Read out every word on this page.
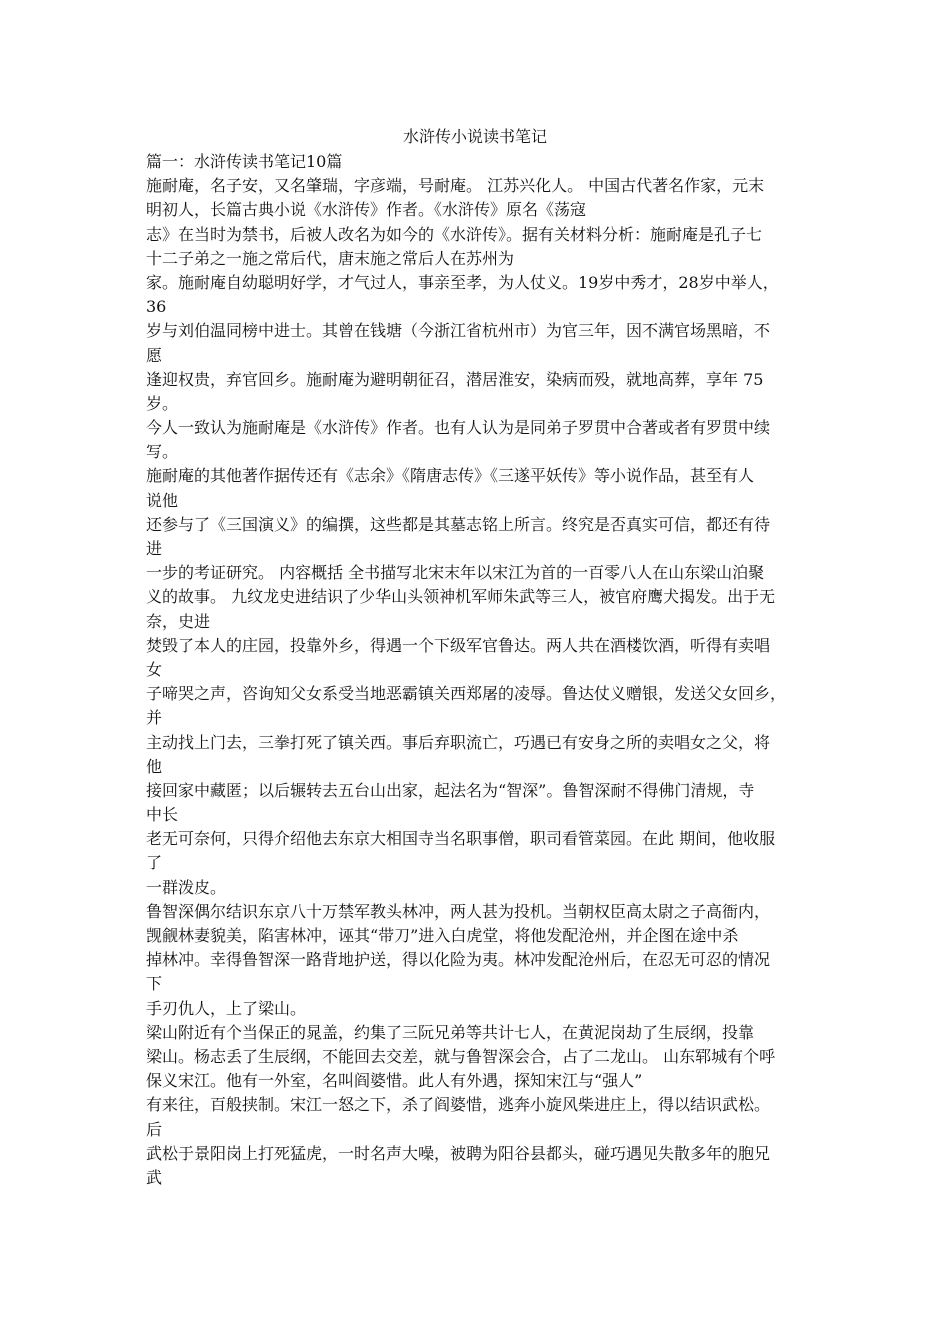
水浒传小说读书笔记
篇一：水浒传读书笔记10篇
施耐庵，名子安，又名肇瑞，字彦端，号耐庵。 江苏兴化人。 中国古代著名作家，元末
明初人，长篇古典小说《水浒传》作者。《水浒传》原名《荡寇
志》在当时为禁书，后被人改名为如今的《水浒传》。据有关材料分析：施耐庵是孔子七
十二子弟之一施之常后代，唐末施之常后人在苏州为
家。施耐庵自幼聪明好学，才气过人，事亲至孝，为人仗义。19岁中秀才，28岁中举人，
36
岁与刘伯温同榜中进士。其曾在钱塘（今浙江省杭州市）为官三年，因不满官场黑暗，不
愿
逢迎权贵，弃官回乡。施耐庵为避明朝征召，潜居淮安，染病而殁，就地高葬，享年 75
岁。
今人一致认为施耐庵是《水浒传》作者。也有人认为是同弟子罗贯中合著或者有罗贯中续
写。
施耐庵的其他著作据传还有《志余》《隋唐志传》《三遂平妖传》等小说作品，甚至有人
说他
还参与了《三国演义》的编撰，这些都是其墓志铭上所言。终究是否真实可信，都还有待
进
一步的考证研究。 内容概括 全书描写北宋末年以宋江为首的一百零八人在山东梁山泊聚
义的故事。 九纹龙史进结识了少华山头领神机军师朱武等三人，被官府鹰犬揭发。出于无
奈，史进
焚毁了本人的庄园，投靠外乡，得遇一个下级军官鲁达。两人共在酒楼饮酒，听得有卖唱
女
子啼哭之声，咨询知父女系受当地恶霸镇关西郑屠的凌辱。鲁达仗义赠银，发送父女回乡，
并
主动找上门去，三拳打死了镇关西。事后弃职流亡，巧遇已有安身之所的卖唱女之父，将
他
接回家中藏匿；以后辗转去五台山出家，起法名为“智深”。鲁智深耐不得佛门清规，寺
中长
老无可奈何，只得介绍他去东京大相国寺当名职事僧，职司看管菜园。在此 期间，他收服
了
一群泼皮。
鲁智深偶尔结识东京八十万禁军教头林冲，两人甚为投机。当朝权臣高太尉之子高衙内，
觊觎林妻貌美，陷害林冲，诬其“带刀”进入白虎堂，将他发配沧州，并企图在途中杀
掉林冲。幸得鲁智深一路背地护送，得以化险为夷。林冲发配沧州后，在忍无可忍的情况
下
手刃仇人，上了梁山。
梁山附近有个当保正的晁盖，约集了三阮兄弟等共计七人，在黄泥岗劫了生辰纲，投靠
梁山。杨志丢了生辰纲，不能回去交差，就与鲁智深会合，占了二龙山。 山东郓城有个呼
保义宋江。他有一外室，名叫阎婆惜。此人有外遇，探知宋江与“强人”
有来往，百般挟制。宋江一怒之下，杀了阎婆惜，逃奔小旋风柴进庄上，得以结识武松。
后
武松于景阳岗上打死猛虎，一时名声大噪，被聘为阳谷县都头，碰巧遇见失散多年的胞兄
武
